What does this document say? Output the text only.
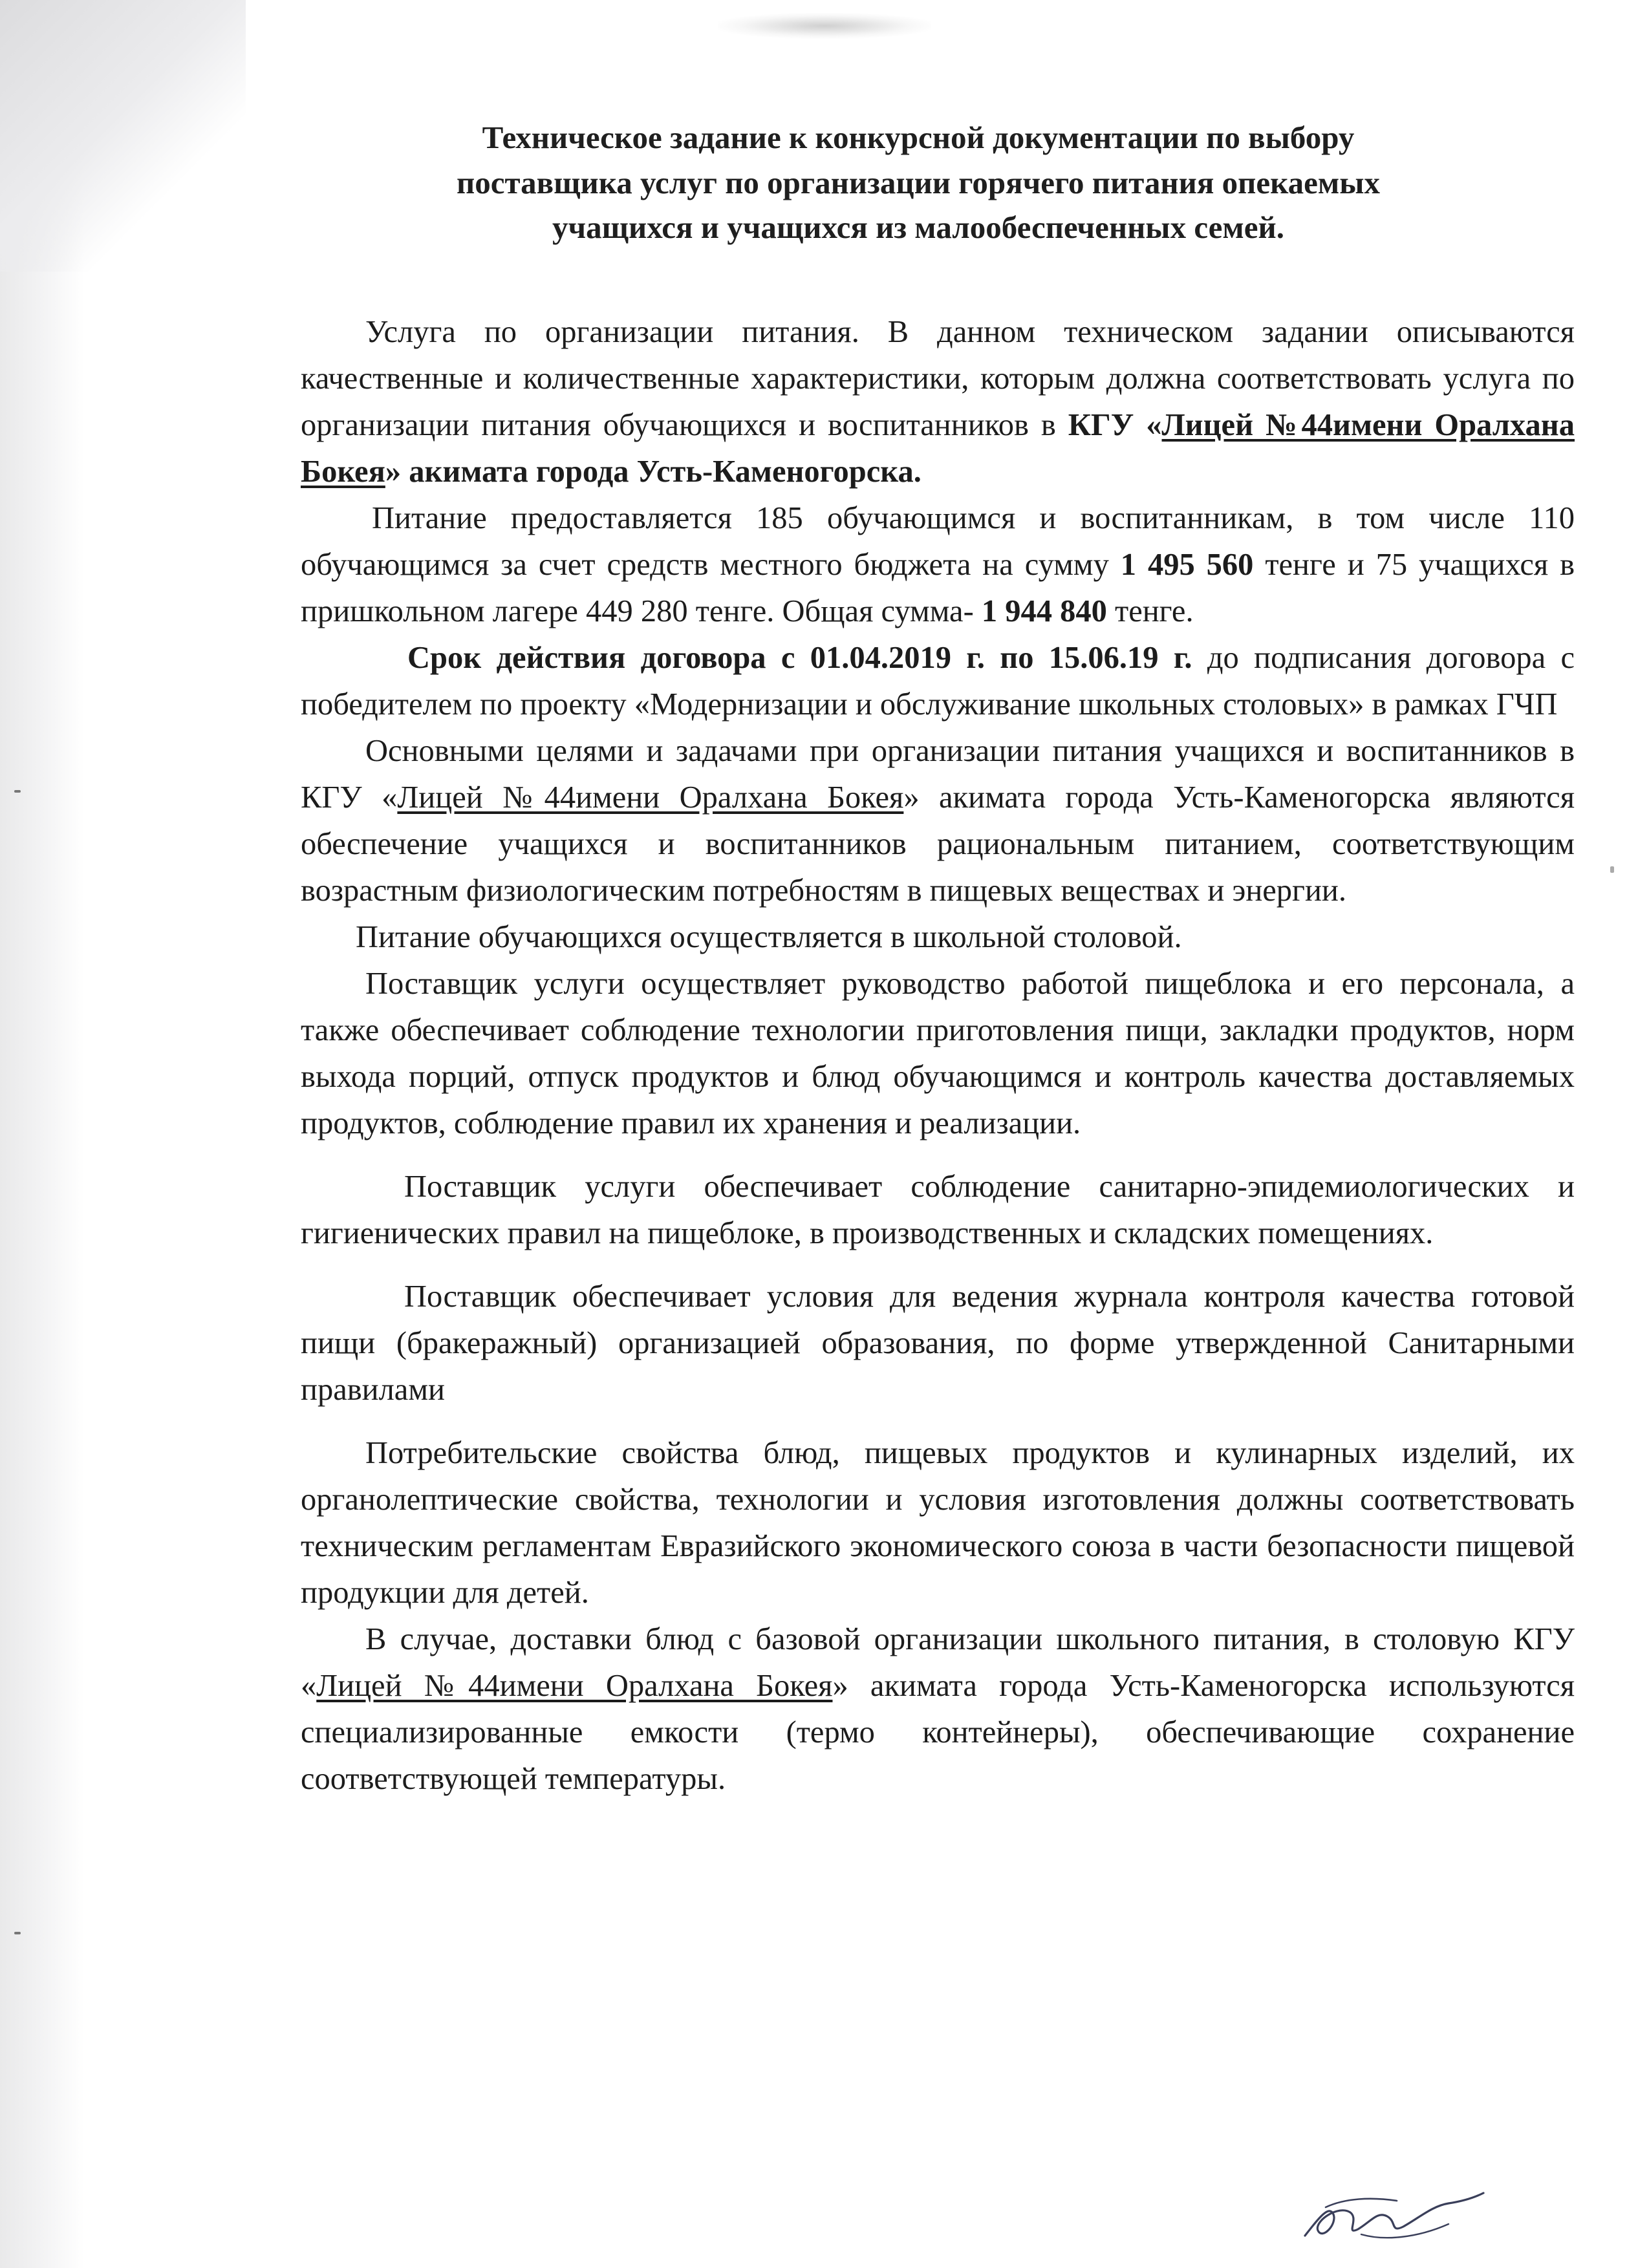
Техническое задание к конкурсной документации по выбору
поставщика услуг по организации горячего питания опекаемых
учащихся и учащихся из малообеспеченных семей.

Услуга по организации питания. В данном техническом задании описываются качественные и количественные характеристики, которым должна соответствовать услуга по организации питания обучающихся и воспитанников в КГУ «Лицей №44имени Оралхана Бокея» акимата города Усть-Каменогорска.

Питание предоставляется 185 обучающимся и воспитанникам, в том числе 110 обучающимся за счет средств местного бюджета на сумму 1 495 560 тенге и 75 учащихся в пришкольном лагере 449 280 тенге. Общая сумма- 1 944 840 тенге.

Срок действия договора с 01.04.2019 г. по 15.06.19 г. до подписания договора с победителем по проекту «Модернизации и обслуживание школьных столовых» в рамках ГЧП

Основными целями и задачами при организации питания учащихся и воспитанников в КГУ «Лицей №44имени Оралхана Бокея» акимата города Усть-Каменогорска являются обеспечение учащихся и воспитанников рациональным питанием, соответствующим возрастным физиологическим потребностям в пищевых веществах и энергии.

Питание обучающихся осуществляется в школьной столовой.

Поставщик услуги осуществляет руководство работой пищеблока и его персонала, а также обеспечивает соблюдение технологии приготовления пищи, закладки продуктов, норм выхода порций, отпуск продуктов и блюд обучающимся и контроль качества доставляемых продуктов, соблюдение правил их хранения и реализации.

Поставщик услуги обеспечивает соблюдение санитарно-эпидемиологических и гигиенических правил на пищеблоке, в производственных и складских помещениях.

Поставщик обеспечивает условия для ведения журнала контроля качества готовой пищи (бракеражный) организацией образования, по форме утвержденной Санитарными правилами

Потребительские свойства блюд, пищевых продуктов и кулинарных изделий, их органолептические свойства, технологии и условия изготовления должны соответствовать техническим регламентам Евразийского экономического союза в части безопасности пищевой продукции для детей.

В случае, доставки блюд с базовой организации школьного питания, в столовую КГУ «Лицей №44имени Оралхана Бокея» акимата города Усть-Каменогорска используются специализированные емкости (термо контейнеры), обеспечивающие сохранение соответствующей температуры.
